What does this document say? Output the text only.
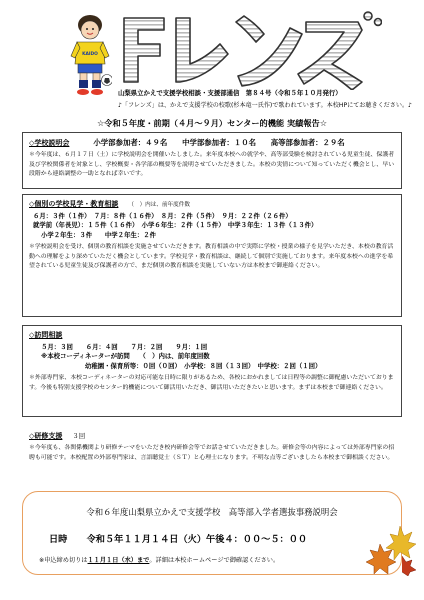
KAIDO
山梨県立かえで支援学校相談・支援部通信　第８４号（令和５年１０月発行）
♪「フレンズ」は、かえで支援学校の校歌(杉本竜一氏作)で歌われています。本校HPにてお聴きください。♪
☆令和５年度・前期（４月～９月）センター的機能 実績報告☆
◇学校説明会	小学部参加者：４９名　　中学部参加者：１０名　　高等部参加者：２９名
＊今年度は、６月１７日（土）に学校説明会を開催いたしました。来年度本校への就学や、高等部受験を検討されている児童生徒、保護者及び学校関係者を対象とし、学校概要・各学部の概要等を説明させていただきました。本校の実情について知っていただく機会とし、早い段階から連絡調整の一助となれば幸いです。
◇個別の学校見学・教育相談 （　）内は、前年度件数
６月：３件（１件）　７月：８件（１６件）　８月：２件（５件）　９月：２２件（２６件）
就学前（年長児）：１５件（１６件）　小学６年生：２件（１５件）　中学３年生：１３件（１３件）
小学２年生：３件　　中学２年生：２件
＊学校説明会を受け、個別の教育相談を実施させていただきます。教育相談の中で実際に学校・授業の様子を見学いただき、本校の教育活動への理解をより深めていただく機会としています。学校見学・教育相談は、継続して個別で実施しております。来年度本校への進学を希望されている児童生徒及び保護者の方で、まだ個別の教育相談を実施していない方は本校まで御連絡ください。
◇訪問相談
５月：３回　　６月：４回　　７月：２回　　９月：１回
※本校コーディネーターが訪問　　（　）内は、前年度回数
幼稚園・保育所等：０回（０回）　小学校：８回（１３回）　中学校：２回（１回）
＊外部専門家、本校コーディネーターの対応可能な日時に限りがあるため、各校におかれましては日程等の調整に御配慮いただいております。今後も特別支援学校のセンター的機能について御活用いただき、御活用いただきたいと思います。まずは本校まで御連絡ください。
◇研修支援 ３回
＊今年度も、各関係機関より研修テーマをいただき校内研修会等でお話させていただきました。研修会等の内容によっては外部専門家の招聘も可能です。本校配置の外部専門家は、言語聴覚士（ＳＴ）と心理士になります。不明な点等ございましたら本校まで御相談ください。
令和６年度山梨県立かえで支援学校　高等部入学者選抜事務説明会
日時 令和５年１１月１４日（火）午後４：００～５：００
※申込締め切りは１１月１日（水）まで。詳細は本校ホームページで御確認ください。
